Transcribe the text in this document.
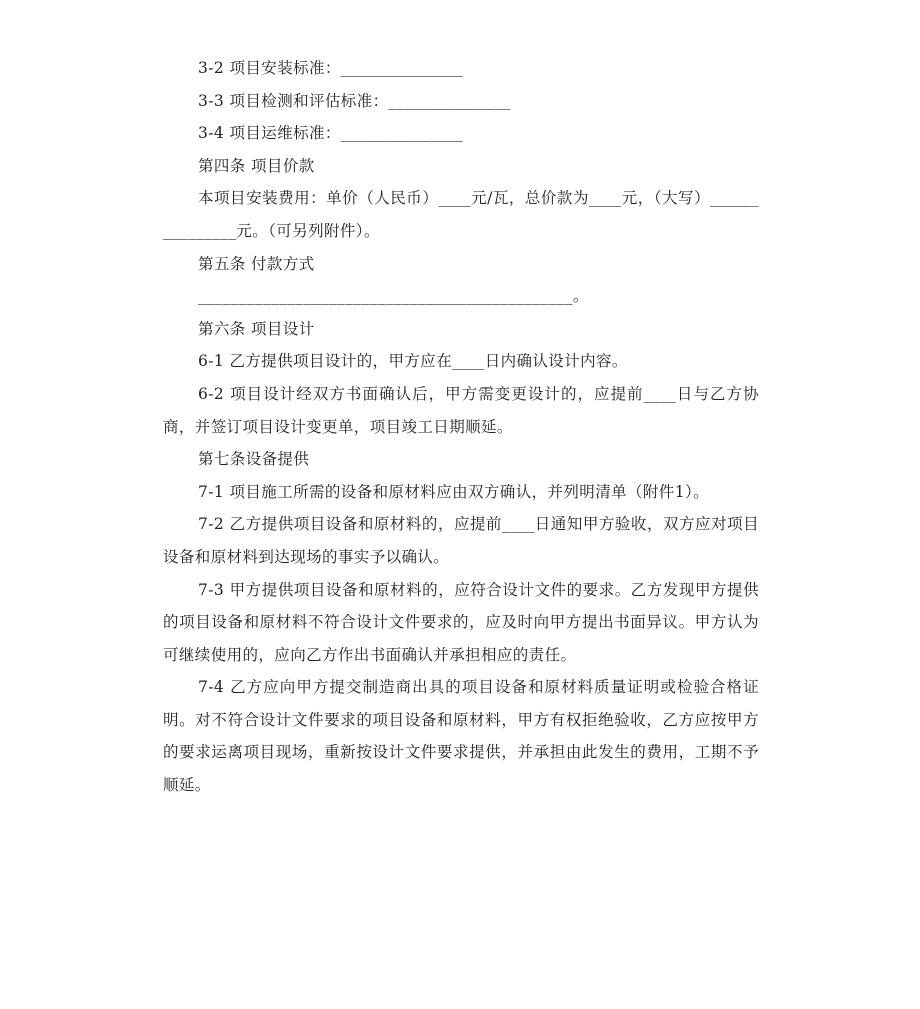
3-2 项目安装标准：_______________

3-3 项目检测和评估标准：_______________

3-4 项目运维标准：_______________

第四条 项目价款

本项目安装费用：单价（人民币）____元/瓦，总价款为____元，（大写）_______________元。（可另列附件）。

第五条 付款方式

______________________________________________。

第六条 项目设计

6-1 乙方提供项目设计的，甲方应在____日内确认设计内容。

6-2 项目设计经双方书面确认后，甲方需变更设计的，应提前____日与乙方协商，并签订项目设计变更单，项目竣工日期顺延。

第七条设备提供

7-1 项目施工所需的设备和原材料应由双方确认，并列明清单（附件1）。

7-2 乙方提供项目设备和原材料的，应提前____日通知甲方验收，双方应对项目设备和原材料到达现场的事实予以确认。

7-3 甲方提供项目设备和原材料的，应符合设计文件的要求。乙方发现甲方提供的项目设备和原材料不符合设计文件要求的，应及时向甲方提出书面异议。甲方认为可继续使用的，应向乙方作出书面确认并承担相应的责任。

7-4 乙方应向甲方提交制造商出具的项目设备和原材料质量证明或检验合格证明。对不符合设计文件要求的项目设备和原材料，甲方有权拒绝验收，乙方应按甲方的要求运离项目现场，重新按设计文件要求提供，并承担由此发生的费用，工期不予顺延。
